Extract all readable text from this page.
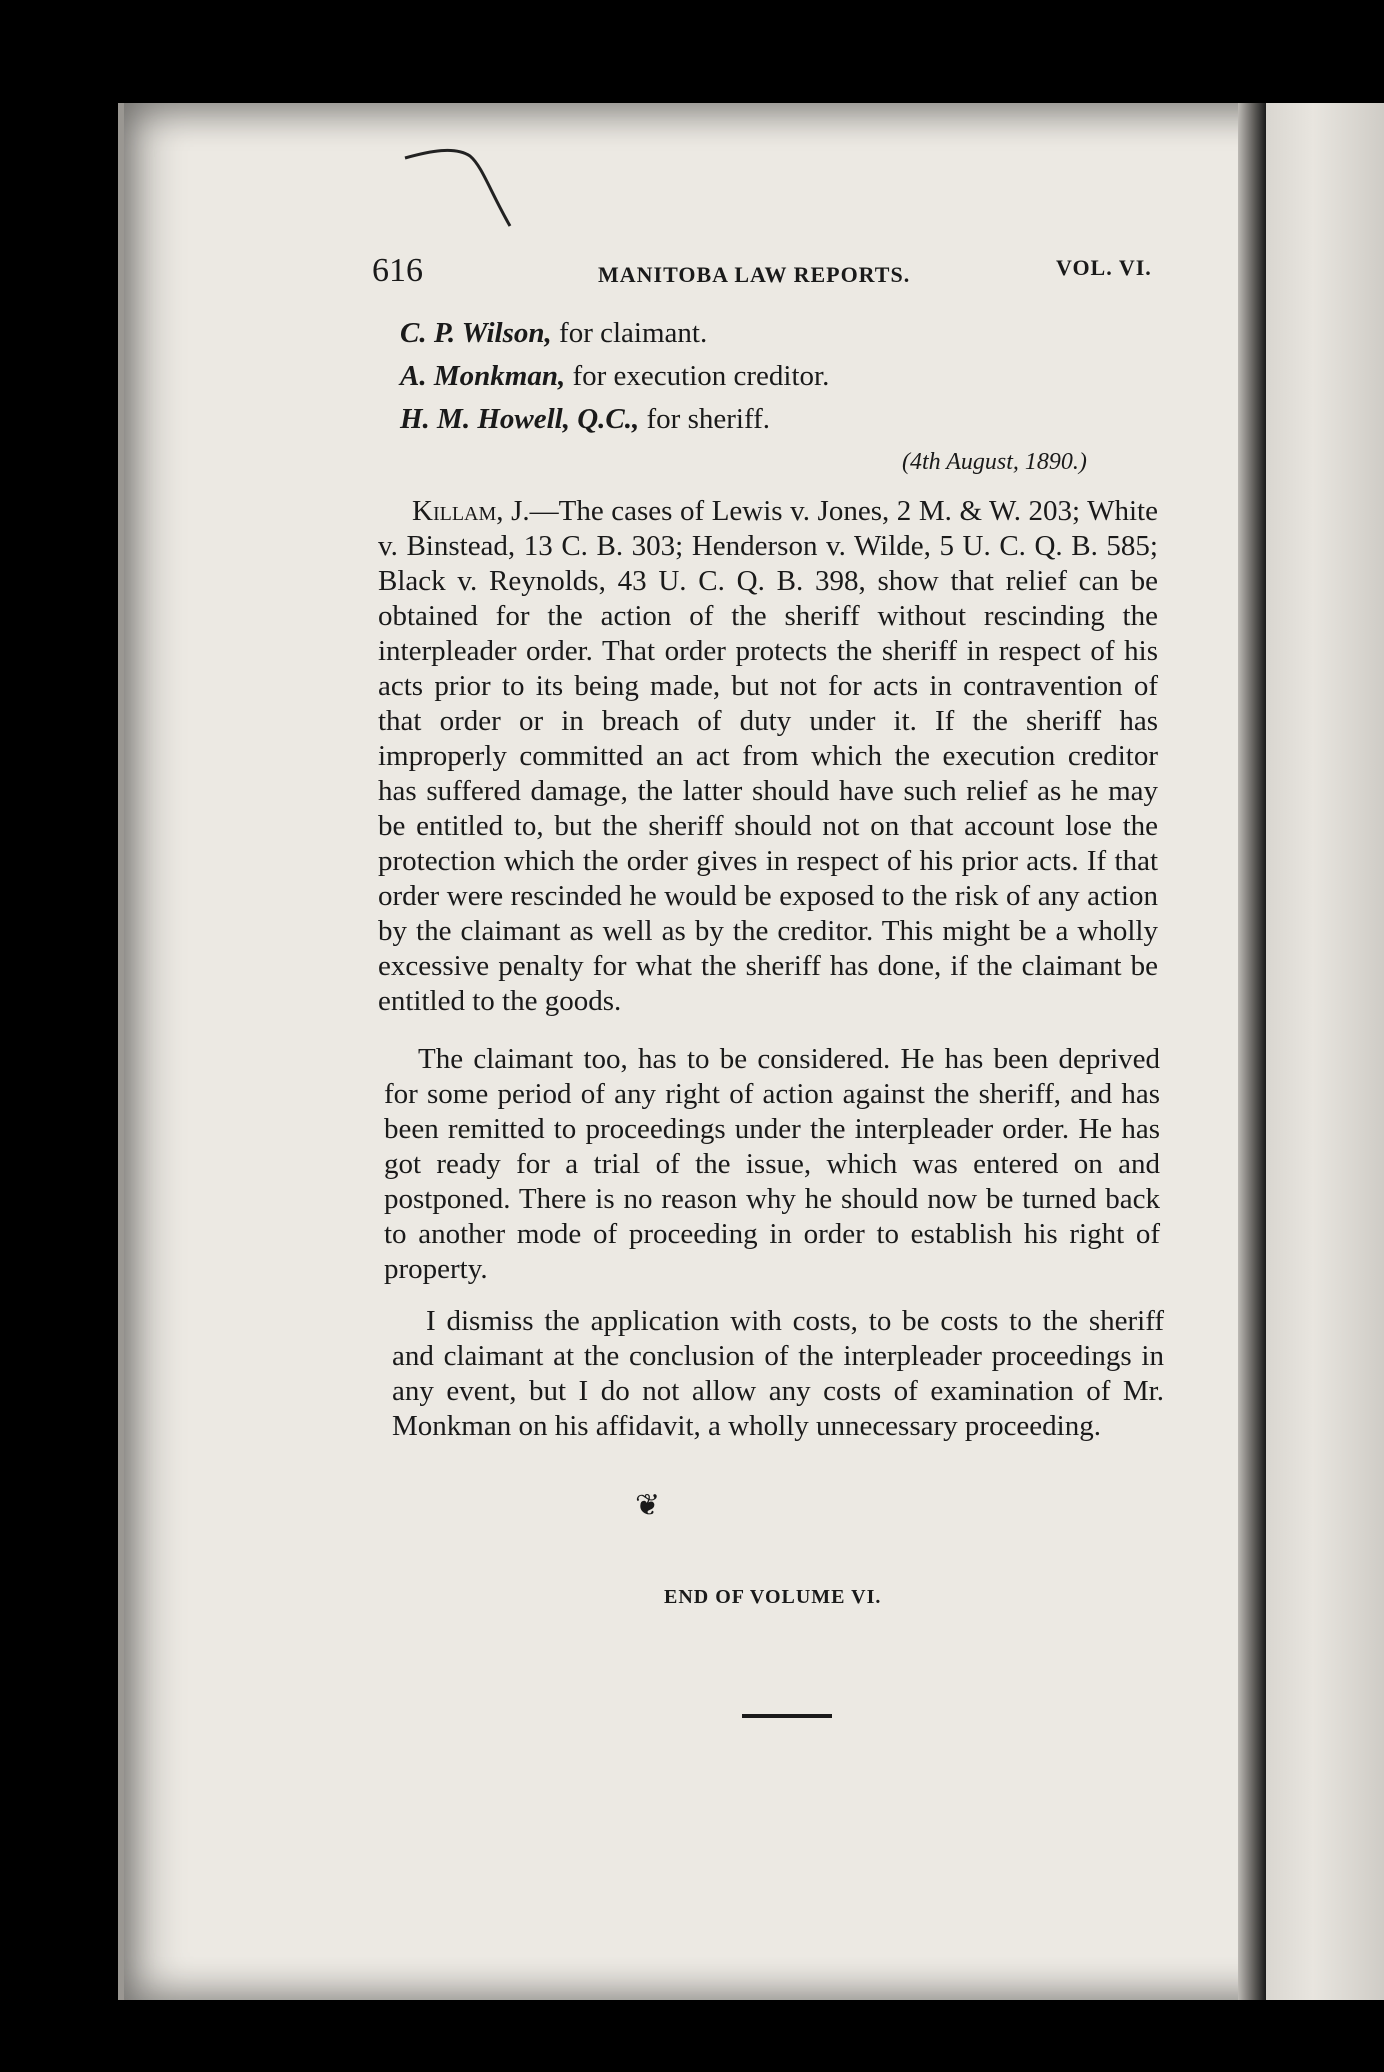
616	MANITOBA LAW REPORTS.	VOL. VI.
C. P. Wilson, for claimant.
A. Monkman, for execution creditor.
H. M. Howell, Q.C., for sheriff.
(4th August, 1890.)
Killam, J.—The cases of Lewis v. Jones, 2 M. & W. 203; White v. Binstead, 13 C. B. 303; Henderson v. Wilde, 5 U. C. Q. B. 585; Black v. Reynolds, 43 U. C. Q. B. 398, show that relief can be obtained for the action of the sheriff without rescinding the interpleader order. That order protects the sheriff in respect of his acts prior to its being made, but not for acts in contravention of that order or in breach of duty under it. If the sheriff has improperly committed an act from which the execution creditor has suffered damage, the latter should have such relief as he may be entitled to, but the sheriff should not on that account lose the protection which the order gives in respect of his prior acts. If that order were rescinded he would be exposed to the risk of any action by the claimant as well as by the creditor. This might be a wholly excessive penalty for what the sheriff has done, if the claimant be entitled to the goods.
The claimant too, has to be considered. He has been deprived for some period of any right of action against the sheriff, and has been remitted to proceedings under the interpleader order. He has got ready for a trial of the issue, which was entered on and postponed. There is no reason why he should now be turned back to another mode of proceeding in order to establish his right of property.
I dismiss the application with costs, to be costs to the sheriff and claimant at the conclusion of the interpleader proceedings in any event, but I do not allow any costs of examination of Mr. Monkman on his affidavit, a wholly unnecessary proceeding.
❦
END OF VOLUME VI.
